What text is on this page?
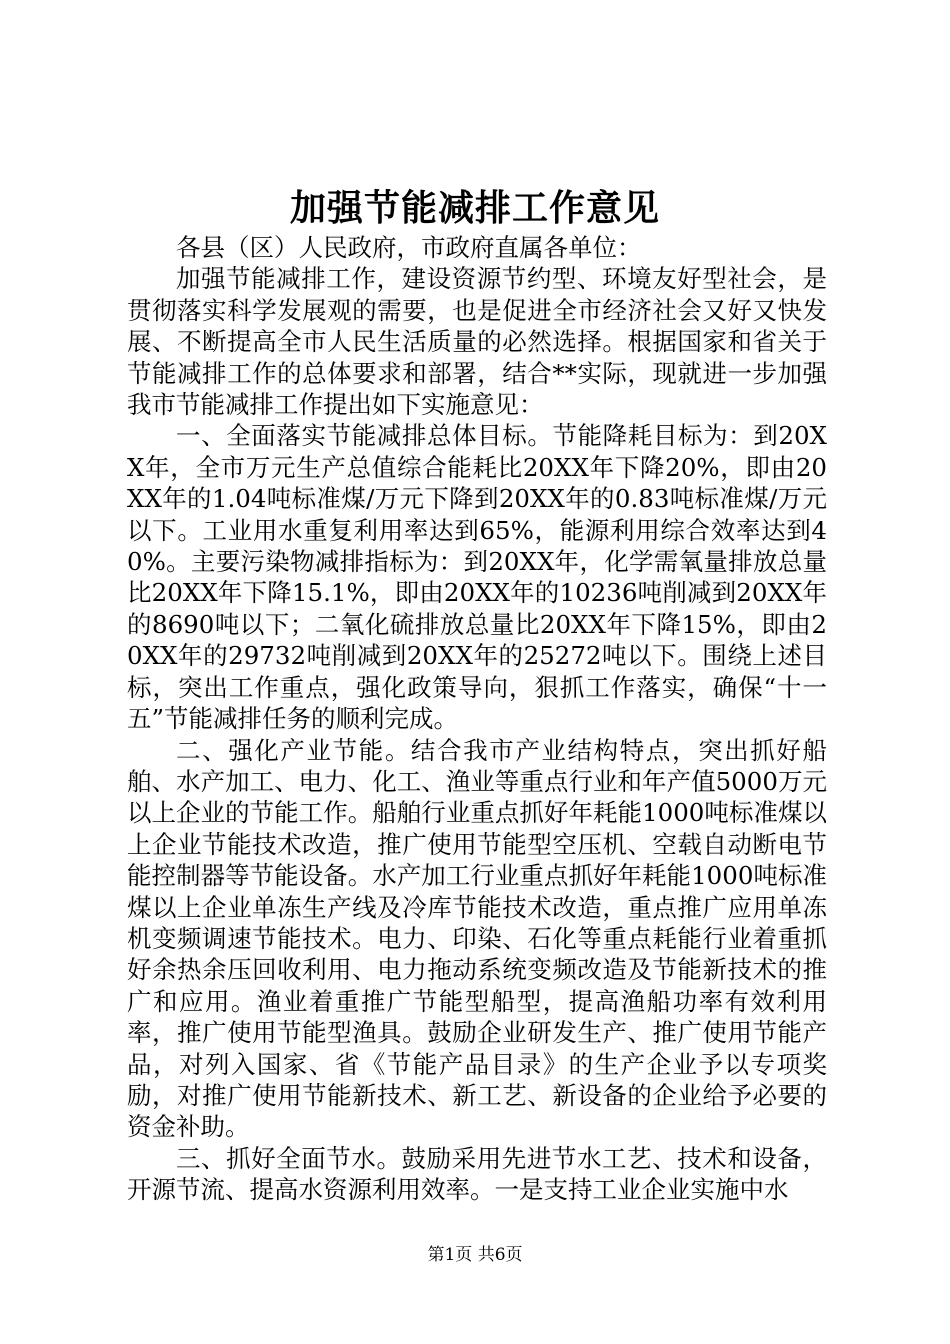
加强节能减排工作意见

各县（区）人民政府，市政府直属各单位：

加强节能减排工作，建设资源节约型、环境友好型社会，是贯彻落实科学发展观的需要，也是促进全市经济社会又好又快发展、不断提高全市人民生活质量的必然选择。根据国家和省关于节能减排工作的总体要求和部署，结合**实际，现就进一步加强我市节能减排工作提出如下实施意见：

一、全面落实节能减排总体目标。节能降耗目标为：到20XX年，全市万元生产总值综合能耗比20XX年下降20%，即由20XX年的1.04吨标准煤/万元下降到20XX年的0.83吨标准煤/万元以下。工业用水重复利用率达到65%，能源利用综合效率达到40%。主要污染物减排指标为：到20XX年，化学需氧量排放总量比20XX年下降15.1%，即由20XX年的10236吨削减到20XX年的8690吨以下；二氧化硫排放总量比20XX年下降15%，即由20XX年的29732吨削减到20XX年的25272吨以下。围绕上述目标，突出工作重点，强化政策导向，狠抓工作落实，确保“十一五”节能减排任务的顺利完成。

二、强化产业节能。结合我市产业结构特点，突出抓好船舶、水产加工、电力、化工、渔业等重点行业和年产值5000万元以上企业的节能工作。船舶行业重点抓好年耗能1000吨标准煤以上企业节能技术改造，推广使用节能型空压机、空载自动断电节能控制器等节能设备。水产加工行业重点抓好年耗能1000吨标准煤以上企业单冻生产线及冷库节能技术改造，重点推广应用单冻机变频调速节能技术。电力、印染、石化等重点耗能行业着重抓好余热余压回收利用、电力拖动系统变频改造及节能新技术的推广和应用。渔业着重推广节能型船型，提高渔船功率有效利用率，推广使用节能型渔具。鼓励企业研发生产、推广使用节能产品，对列入国家、省《节能产品目录》的生产企业予以专项奖励，对推广使用节能新技术、新工艺、新设备的企业给予必要的资金补助。

三、抓好全面节水。鼓励采用先进节水工艺、技术和设备，开源节流、提高水资源利用效率。一是支持工业企业实施中水

第1页 共6页
